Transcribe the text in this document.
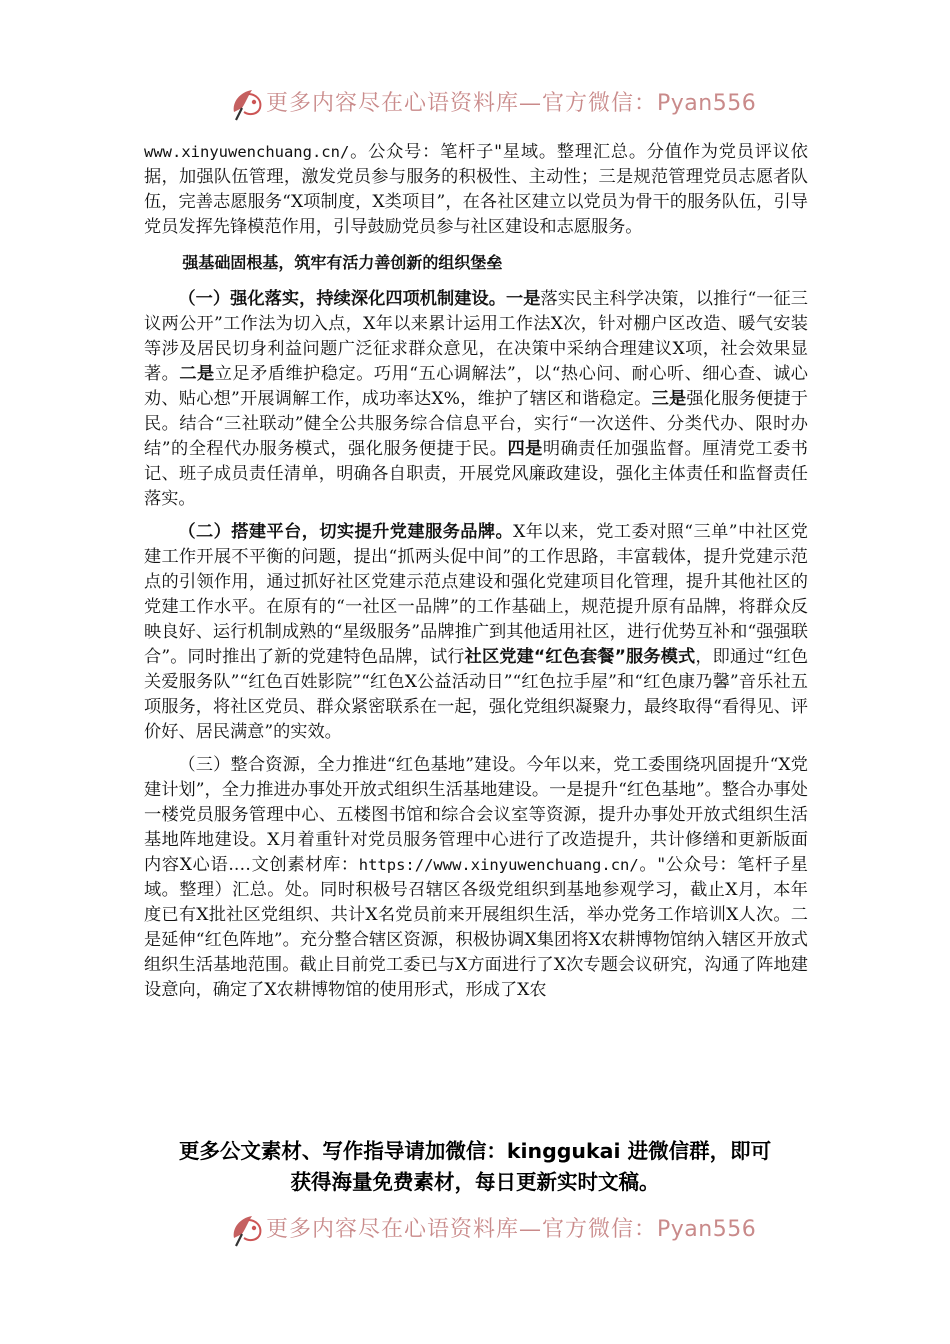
更多内容尽在心语资料库—官方微信：Pyan556

www.xinyuwenchuang.cn/。公众号：笔杆子"星域。整理汇总。分值作为党员评议依据，加强队伍管理，激发党员参与服务的积极性、主动性；三是规范管理党员志愿者队伍，完善志愿服务“X项制度，X类项目”，在各社区建立以党员为骨干的服务队伍，引导党员发挥先锋模范作用，引导鼓励党员参与社区建设和志愿服务。

强基础固根基，筑牢有活力善创新的组织堡垒

（一）强化落实，持续深化四项机制建设。一是落实民主科学决策，以推行“一征三议两公开”工作法为切入点，X年以来累计运用工作法X次，针对棚户区改造、暖气安装等涉及居民切身利益问题广泛征求群众意见，在决策中采纳合理建议X项，社会效果显著。二是立足矛盾维护稳定。巧用“五心调解法”，以“热心问、耐心听、细心查、诚心劝、贴心想”开展调解工作，成功率达X%，维护了辖区和谐稳定。三是强化服务便捷于民。结合“三社联动”健全公共服务综合信息平台，实行“一次送件、分类代办、限时办结”的全程代办服务模式，强化服务便捷于民。四是明确责任加强监督。厘清党工委书记、班子成员责任清单，明确各自职责，开展党风廉政建设，强化主体责任和监督责任落实。

（二）搭建平台，切实提升党建服务品牌。X年以来，党工委对照“三单”中社区党建工作开展不平衡的问题，提出“抓两头促中间”的工作思路，丰富载体，提升党建示范点的引领作用，通过抓好社区党建示范点建设和强化党建项目化管理，提升其他社区的党建工作水平。在原有的“一社区一品牌”的工作基础上，规范提升原有品牌，将群众反映良好、运行机制成熟的“星级服务”品牌推广到其他适用社区，进行优势互补和“强强联合”。同时推出了新的党建特色品牌，试行社区党建“红色套餐”服务模式，即通过“红色关爱服务队”“红色百姓影院”“红色X公益活动日”“红色拉手屋”和“红色康乃馨”音乐社五项服务，将社区党员、群众紧密联系在一起，强化党组织凝聚力，最终取得“看得见、评价好、居民满意”的实效。

（三）整合资源，全力推进“红色基地”建设。今年以来，党工委围绕巩固提升“X党建计划”，全力推进办事处开放式组织生活基地建设。一是提升“红色基地”。整合办事处一楼党员服务管理中心、五楼图书馆和综合会议室等资源，提升办事处开放式组织生活基地阵地建设。X月着重针对党员服务管理中心进行了改造提升，共计修缮和更新版面内容X心语.…文创素材库：https://www.xinyuwenchuang.cn/。"公众号：笔杆子星域。整理）汇总。处。同时积极号召辖区各级党组织到基地参观学习，截止X月，本年度已有X批社区党组织、共计X名党员前来开展组织生活，举办党务工作培训X人次。二是延伸“红色阵地”。充分整合辖区资源，积极协调X集团将X农耕博物馆纳入辖区开放式组织生活基地范围。截止目前党工委已与X方面进行了X次专题会议研究，沟通了阵地建设意向，确定了X农耕博物馆的使用形式，形成了X农

更多公文素材、写作指导请加微信：kinggukai 进微信群，即可
获得海量免费素材，每日更新实时文稿。
更多内容尽在心语资料库—官方微信：Pyan556
